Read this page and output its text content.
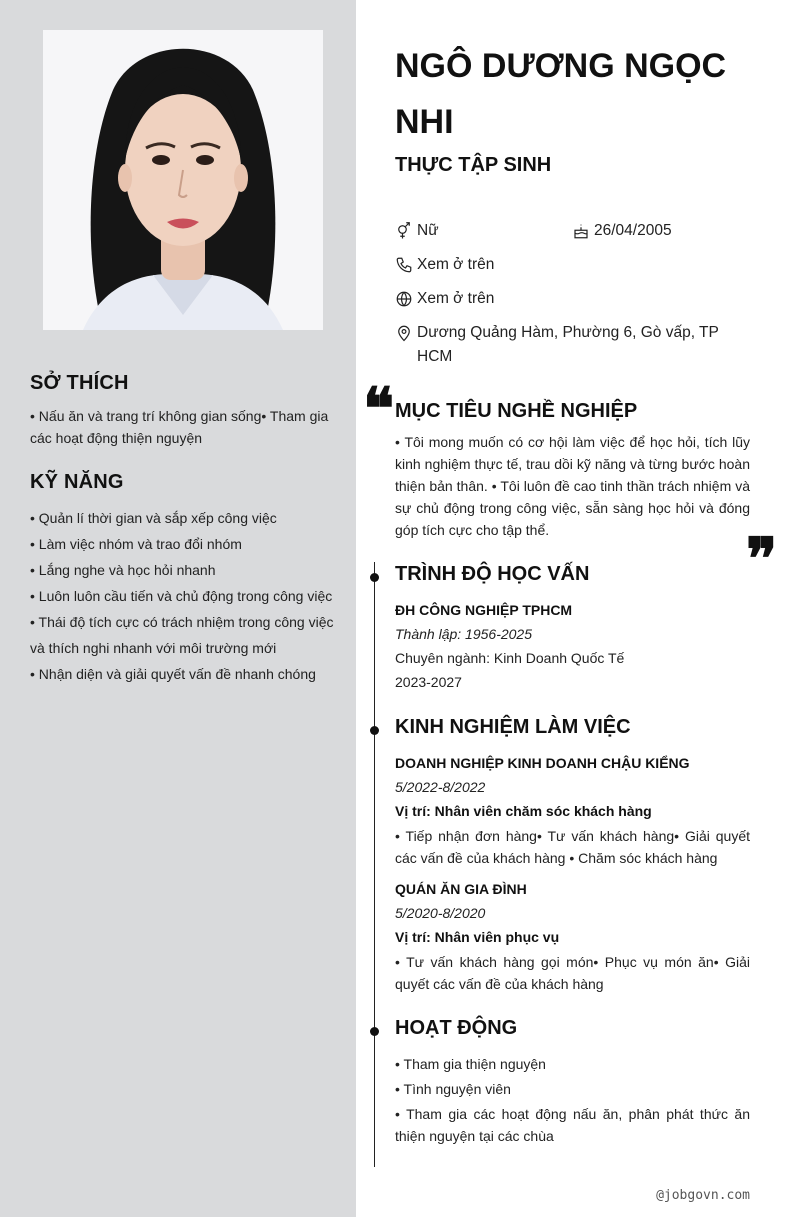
SỞ THÍCH
• Nấu ăn và trang trí không gian sống• Tham gia các hoạt động thiện nguyện
KỸ NĂNG
• Quản lí thời gian và sắp xếp công việc
• Làm việc nhóm và trao đổi nhóm
• Lắng nghe và học hỏi nhanh
• Luôn luôn cầu tiến và chủ động trong công việc
• Thái độ tích cực có trách nhiệm trong công việc và thích nghi nhanh với môi trường mới
• Nhận diện và giải quyết vấn đề nhanh chóng
NGÔ DƯƠNG NGỌC NHI
THỰC TẬP SINH
Nữ	26/04/2005
Xem ở trên
Xem ở trên
Dương Quảng Hàm, Phường 6, Gò vấp, TP HCM
❝ MỤC TIÊU NGHỀ NGHIỆP
• Tôi mong muốn có cơ hội làm việc để học hỏi, tích lũy kinh nghiệm thực tế, trau dồi kỹ năng và từng bước hoàn thiện bản thân. • Tôi luôn đề cao tinh thần trách nhiệm và sự chủ động trong công việc, sẵn sàng học hỏi và đóng góp tích cực cho tập thể.	❞
TRÌNH ĐỘ HỌC VẤN
ĐH CÔNG NGHIỆP TPHCM
Thành lập: 1956-2025
Chuyên ngành: Kinh Doanh Quốc Tế
2023-2027
KINH NGHIỆM LÀM VIỆC
DOANH NGHIỆP KINH DOANH CHẬU KIỂNG
5/2022-8/2022
Vị trí: Nhân viên chăm sóc khách hàng
• Tiếp nhận đơn hàng• Tư vấn khách hàng• Giải quyết các vấn đề của khách hàng • Chăm sóc khách hàng
QUÁN ĂN GIA ĐÌNH
5/2020-8/2020
Vị trí: Nhân viên phục vụ
• Tư vấn khách hàng gọi món• Phục vụ món ăn• Giải quyết các vấn đề của khách hàng
HOẠT ĐỘNG
• Tham gia thiện nguyện
• Tình nguyện viên
• Tham gia các hoạt động nấu ăn, phân phát thức ăn thiện nguyện tại các chùa
@jobgovn.com
